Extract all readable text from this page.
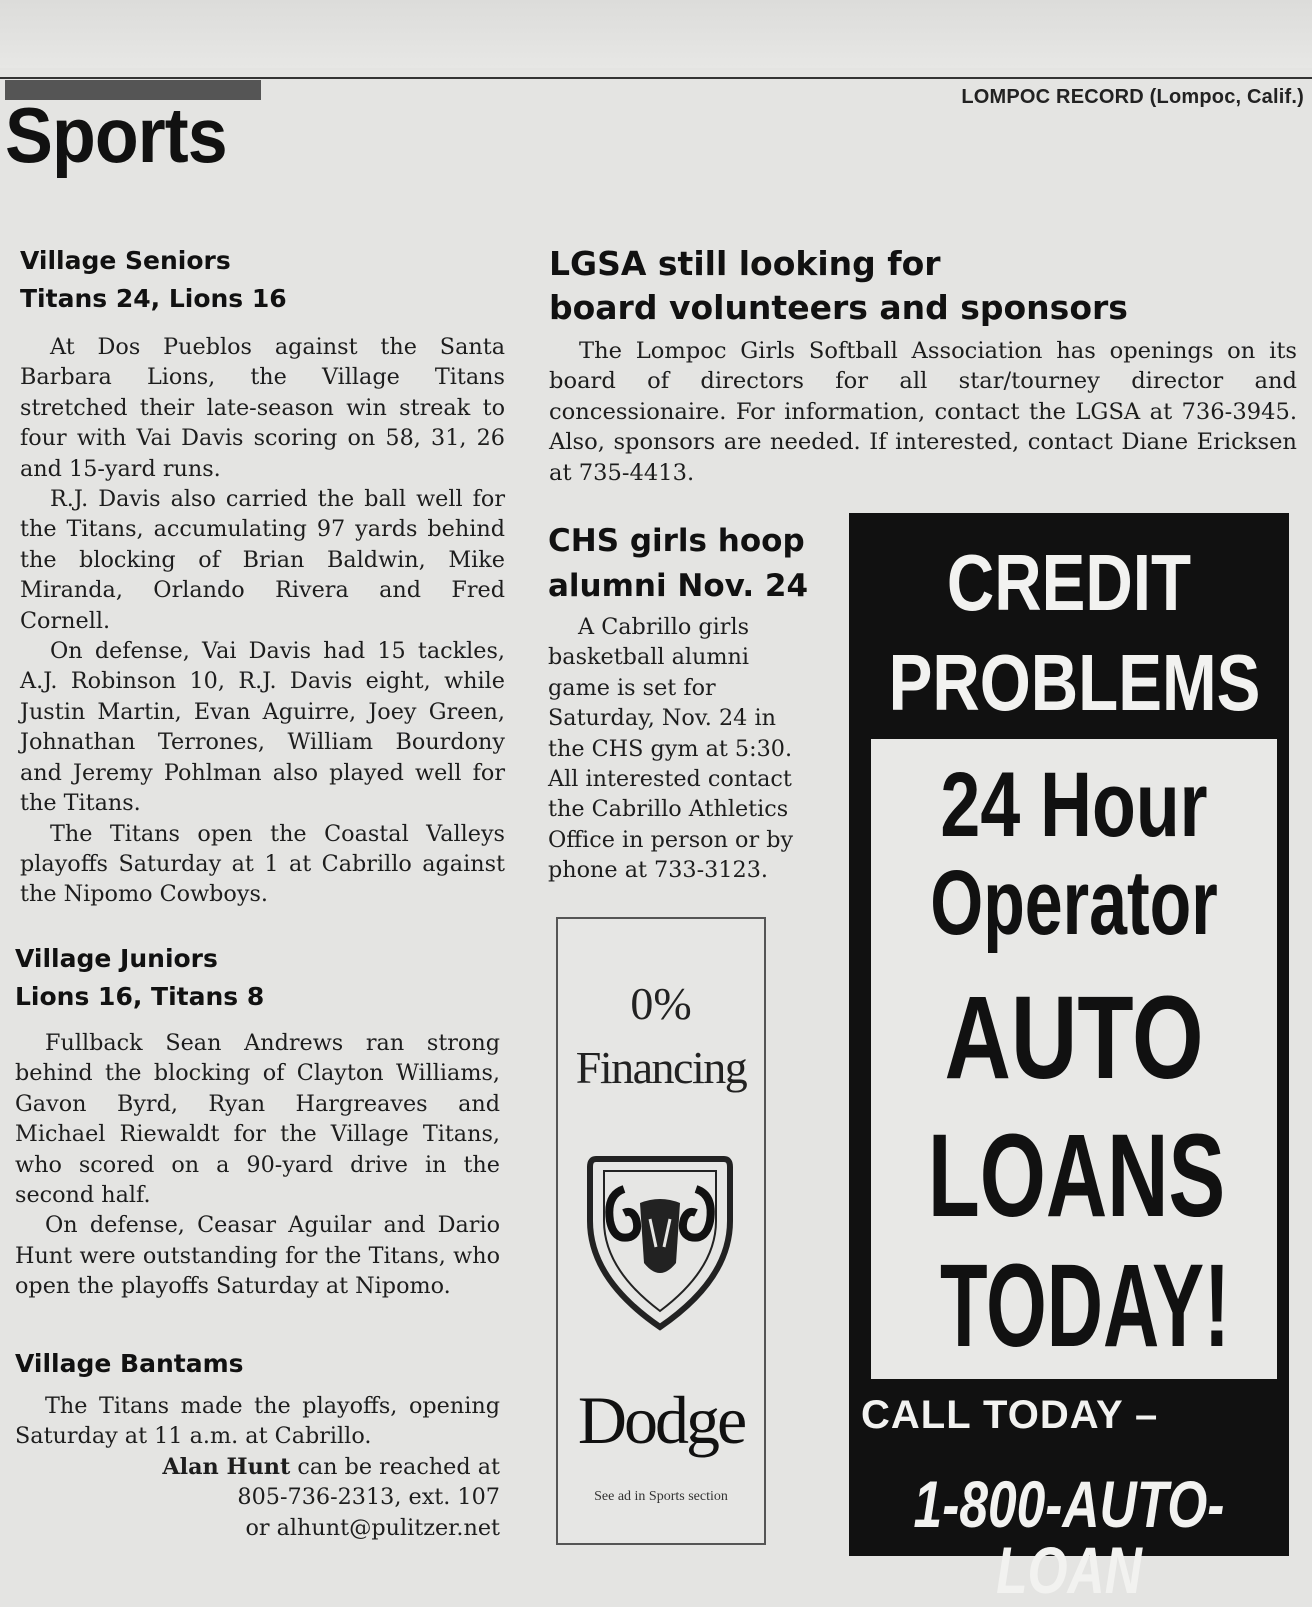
LOMPOC RECORD (Lompoc, Calif.)
Sports
Village Seniors
Titans 24, Lions 16

At Dos Pueblos against the Santa Barbara Lions, the Village Titans stretched their late-season win streak to four with Vai Davis scoring on 58, 31, 26 and 15-yard runs.

R.J. Davis also carried the ball well for the Titans, accumulating 97 yards behind the blocking of Brian Baldwin, Mike Miranda, Orlando Rivera and Fred Cornell.

On defense, Vai Davis had 15 tackles, A.J. Robinson 10, R.J. Davis eight, while Justin Martin, Evan Aguirre, Joey Green, Johnathan Terrones, William Bourdony and Jeremy Pohlman also played well for the Titans.

The Titans open the Coastal Valleys playoffs Saturday at 1 at Cabrillo against the Nipomo Cowboys.

Village Juniors
Lions 16, Titans 8

Fullback Sean Andrews ran strong behind the blocking of Clayton Williams, Gavon Byrd, Ryan Hargreaves and Michael Riewaldt for the Village Titans, who scored on a 90-yard drive in the second half.

On defense, Ceasar Aguilar and Dario Hunt were outstanding for the Titans, who open the playoffs Saturday at Nipomo.

Village Bantams

The Titans made the playoffs, opening Saturday at 11 a.m. at Cabrillo.

Alan Hunt can be reached at
805-736-2313, ext. 107
or alhunt@pulitzer.net
LGSA still looking for
board volunteers and sponsors

The Lompoc Girls Softball Association has openings on its board of directors for all star/tourney director and concessionaire. For information, contact the LGSA at 736-3945. Also, sponsors are needed. If interested, contact Diane Ericksen at 735-4413.

CHS girls hoop
alumni Nov. 24

A Cabrillo girls basketball alumni game is set for Saturday, Nov. 24 in the CHS gym at 5:30. All interested contact the Cabrillo Athletics Office in person or by phone at 733-3123.

0%
Financing
Dodge
See ad in Sports section
CREDIT
PROBLEMS
24 Hour
Operator
AUTO
LOANS
TODAY!
CALL TODAY –
1-800-AUTO-LOAN
